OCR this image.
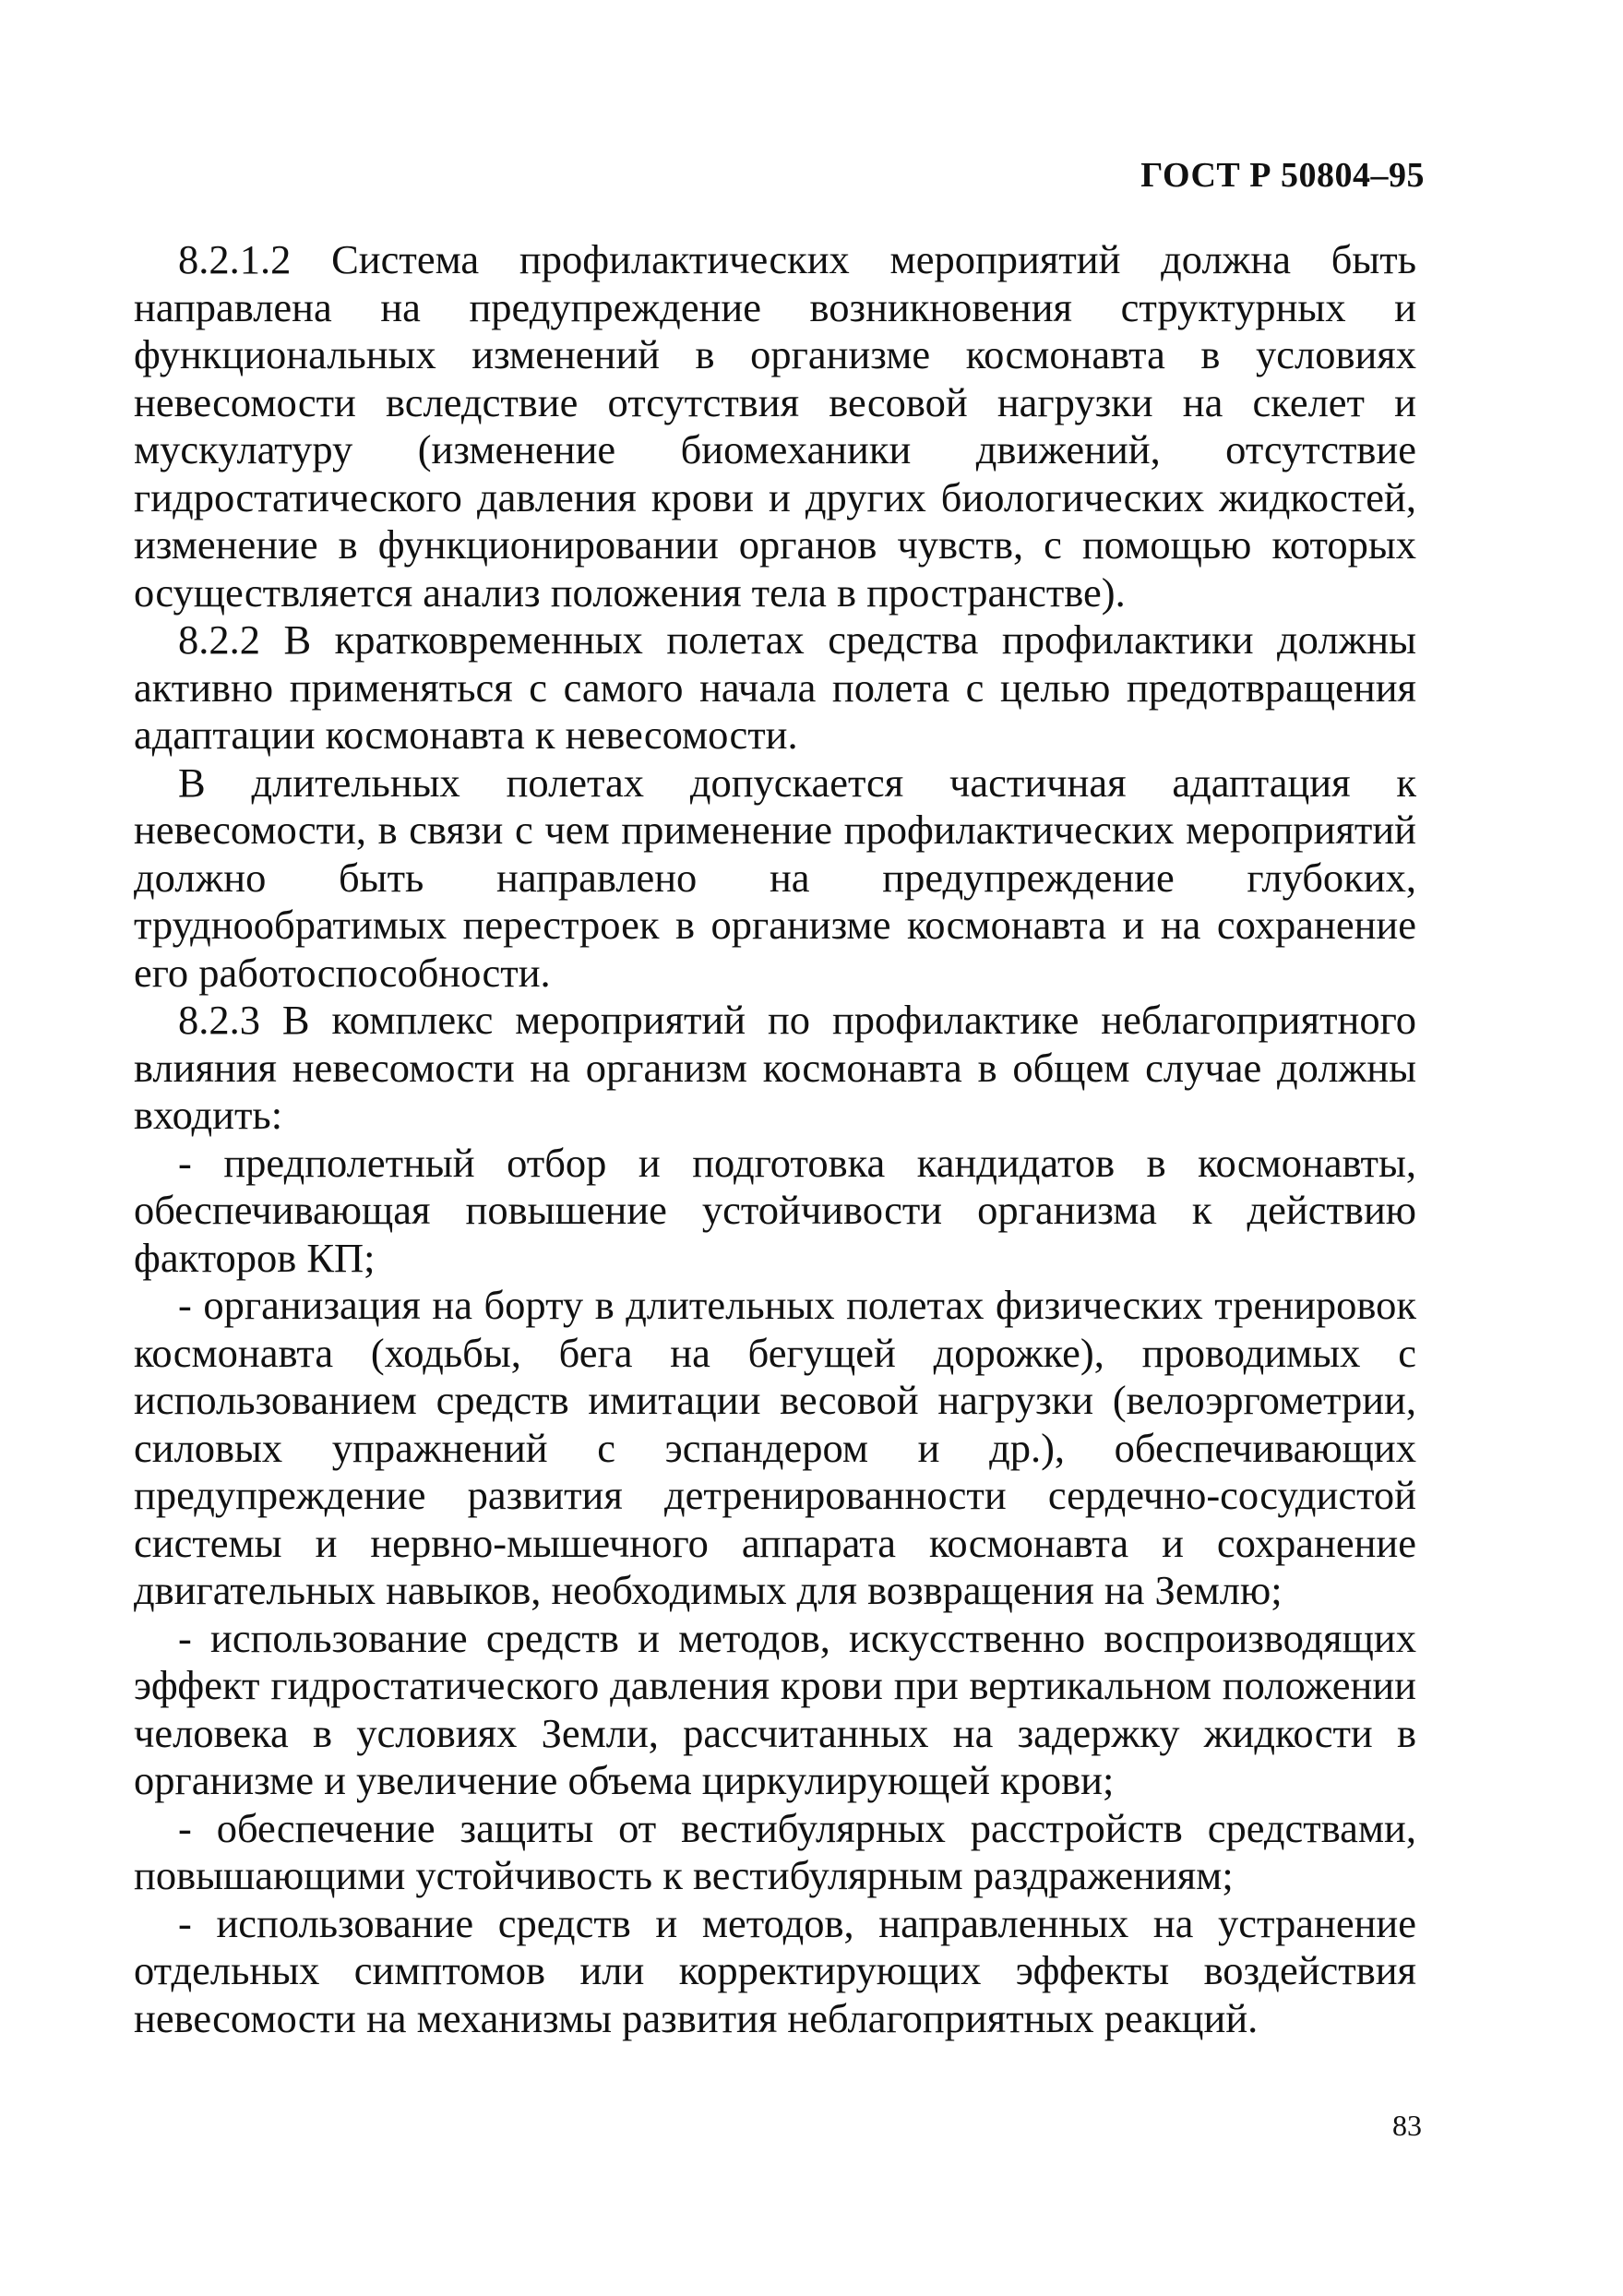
ГОСТ Р 50804–95

8.2.1.2 Система профилактических мероприятий должна быть направлена на предупреждение возникновения структурных и функциональных изменений в организме космонавта в условиях невесомости вследствие отсутствия весовой нагрузки на скелет и мускулатуру (изменение биомеханики движений, отсутствие гидростатического давления крови и других биологических жидкостей, изменение в функционировании органов чувств, с помощью которых осуществляется анализ положения тела в пространстве).

8.2.2 В кратковременных полетах средства профилактики должны активно применяться с самого начала полета с целью предотвращения адаптации космонавта к невесомости.

В длительных полетах допускается частичная адаптация к невесомости, в связи с чем применение профилактических мероприятий должно быть направлено на предупреждение глубоких, труднообратимых перестроек в организме космонавта и на сохранение его работоспособности.

8.2.3 В комплекс мероприятий по профилактике неблагоприятного влияния невесомости на организм космонавта в общем случае должны входить:

- предполетный отбор и подготовка кандидатов в космонавты, обеспечивающая повышение устойчивости организма к действию факторов КП;

- организация на борту в длительных полетах физических тренировок космонавта (ходьбы, бега на бегущей дорожке), проводимых с использованием средств имитации весовой нагрузки (велоэргометрии, силовых упражнений с эспандером и др.), обеспечивающих предупреждение развития детренированности сердечно-сосудистой системы и нервно-мышечного аппарата космонавта и сохранение двигательных навыков, необходимых для возвращения на Землю;

- использование средств и методов, искусственно воспроизводящих эффект гидростатического давления крови при вертикальном положении человека в условиях Земли, рассчитанных на задержку жидкости в организме и увеличение объема циркулирующей крови;

- обеспечение защиты от вестибулярных расстройств средствами, повышающими устойчивость к вестибулярным раздражениям;

- использование средств и методов, направленных на устранение отдельных симптомов или корректирующих эффекты воздействия невесомости на механизмы развития неблагоприятных реакций.

83
